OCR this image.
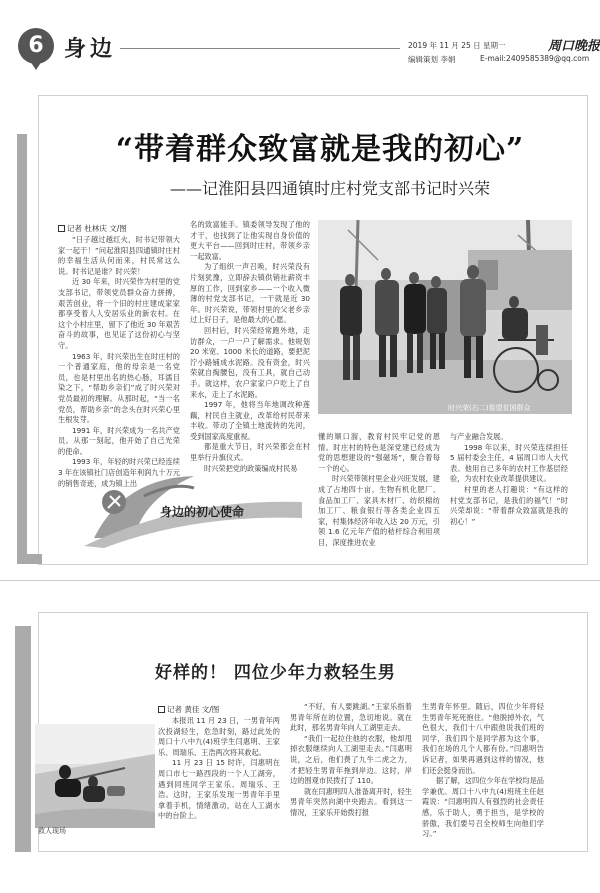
6 身边	2019 年 11 月 25 日 星期一	周口晚报
编辑策划 李娟	E-mail:2409585389@qq.com
“带着群众致富就是我的初心”
——记淮阳县四通镇时庄村党支部书记时兴荣
记者 杜林庆 文/图

“日子越过越红火，时书记带领大家一起干！”问起淮阳县四通镇时庄村的幸福生活从何而来，村民常这么说。时书记是谁？时兴荣！

近 30 年来，时兴荣作为村里的党支部书记，带领党员群众奋力拼搏，艰苦创业，将一个旧的村庄建成家家都享受着人人安居乐业的新农村。在这个小村庄里，留下了他近 30 年艰苦奋斗的故事，也见证了这份初心与坚守。

1963 年，时兴荣出生在时庄村的一个普通家庭，他的母亲是一名党员，也是村里出名的热心肠，耳濡目染之下，“帮助乡亲们”成了时兴荣对党员最初的理解。从那时起，“当一名党员，帮助乡亲”的念头在时兴荣心里生根发芽。

1991 年，时兴荣成为一名共产党员。从那一刻起，他开始了自己光荣的使命。

1993 年，年轻的时兴荣已经连续 3 年在该镇社门店创造年利润九十万元的销售奇迹，成为镇上出

名的致富能手。镇委领导发现了他的才干，也找到了让他实现自身价值的更大平台——回到时庄村，带领乡亲一起致富。

为了组织一声召唤，时兴荣没有片刻犹豫，立即辞去镇供销社薪资丰厚的工作，回到家乡——一个收入微薄的村党支部书记，一干就是近 30 年。时兴荣说，带领村里的父老乡亲过上好日子，是他最大的心愿。

回村后，时兴荣经常跑外地，走访群众，一户一户了解需求。他规划 20 米宽、1000 米长的道路，要把泥泞小路铺成水泥路。没有资金，时兴荣就自掏腰包，没有工具，就自己动手。就这样，农户家家户户吃上了自来水，走上了水泥路。

1997 年，他将当年地调改种莲藕，村民自主就业，改革给村民带来丰收。带动了全镇土地流转的先河，受到国家高度重视。

都是重大节日，时兴荣都会在村里举行升旗仪式。

时兴荣把党的政策编成村民易

时兴荣(右二)看望贫困群众

懂的顺口溜，教育村民牢记党的恩情。时庄村的特色是深党建已经成为党的思想建设的“强磁场”，聚合着每一个的心。

时兴荣带领村里企业兴旺发展，建成了占地四十亩、生物有机化肥厂、食品加工厂、家具木材厂、纺织棉纺加工厂、粮食银行等各类企业四五家，村集体经济年收入达 20 万元，引领 1.6 亿元年产值的秸杆综合利用项目，深度推进农业

与产业融合发展。

1998 年以来，时兴荣连续担任 5 届村委会主任，4 届周口市人大代表。他用自己多年的农村工作基层经验，为农村农业改革提供建议。

村里的老人打趣说：“有这样的村党支部书记，是我们的福气！”时兴荣却说：“带着群众致富就是我的初心！”

身边的初心使命
好样的！ 四位少年力救轻生男
记者 黄佳 文/图
救人现场

本报讯 11 月 23 日，一男青年两次投湖轻生，危急时刻，路过此处的周口十八中九(4)班学生闫惠明、王家乐、周瑞乐、王浩两次将其救起。

11 月 23 日 15 时许，闫惠明在周口市七一路西段的一个人工湖旁，遇到同班同学王家乐、周瑞乐、王浩。这时，王家乐发现一男青年手里拿着手机，情绪激动，站在人工湖水中的台阶上。

“不好，有人要跳湖。”王家乐指着男青年所在的位置，急切地说。就在此时，那名男青年向人工湖里走去。

“我们一起拉住他的衣服，他却甩掉衣服继续向人工湖里走去。”闫惠明说，之后，他们费了九牛二虎之力，才把轻生男青年拖到岸边。这时，岸边的围观市民拨打了 110。

就在闫惠明四人准备离开时，轻生男青年突然向湖中央跑去。看到这一情况，王家乐开始拨打报

生男青年怀里。随后，四位少年将轻生男青年死死抱住。“他脱掉外衣，气色很大，我们十八中跟他说我们班的同学，我们四个是同学都为这个事，我们在场的几个人都有份。”闫惠明告诉记者，如果再遇到这样的情况，他们还会挺身而出。

据了解，这四位少年在学校均是品学兼优。周口十八中九(4)班班主任赵霞说：“闫惠明四人有强烈的社会责任感，乐于助人，勇于担当，是学校的骄傲，我们要号召全校师生向他们学习。”
